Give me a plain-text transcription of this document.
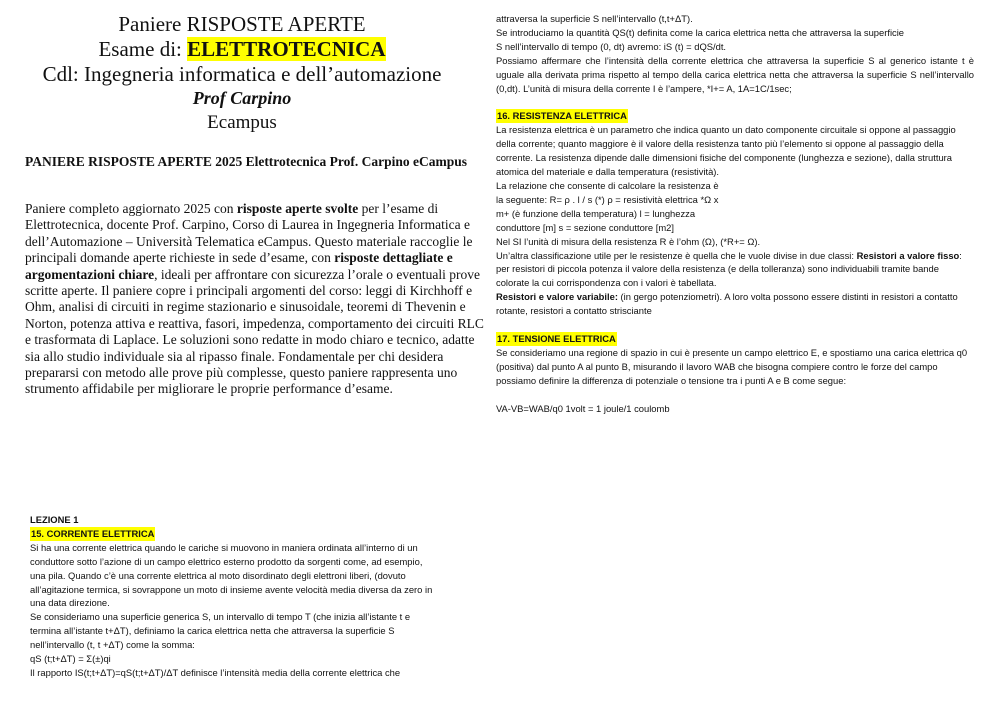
Paniere RISPOSTE APERTE
Esame di: ELETTROTECNICA
Cdl: Ingegneria informatica e dell’automazione
Prof Carpino
Ecampus
PANIERE RISPOSTE APERTE 2025 Elettrotecnica Prof. Carpino eCampus
Paniere completo aggiornato 2025 con risposte aperte svolte per l’esame di Elettrotecnica, docente Prof. Carpino, Corso di Laurea in Ingegneria Informatica e dell’Automazione – Università Telematica eCampus. Questo materiale raccoglie le principali domande aperte richieste in sede d’esame, con risposte dettagliate e argomentazioni chiare, ideali per affrontare con sicurezza l’orale o eventuali prove scritte aperte. Il paniere copre i principali argomenti del corso: leggi di Kirchhoff e Ohm, analisi di circuiti in regime stazionario e sinusoidale, teoremi di Thevenin e Norton, potenza attiva e reattiva, fasori, impedenza, comportamento dei circuiti RLC e trasformata di Laplace. Le soluzioni sono redatte in modo chiaro e tecnico, adatte sia allo studio individuale sia al ripasso finale. Fondamentale per chi desidera prepararsi con metodo alle prove più complesse, questo paniere rappresenta uno strumento affidabile per migliorare le proprie performance d’esame.

LEZIONE 1

15. CORRENTE ELETTRICA

Si ha una corrente elettrica quando le cariche si muovono in maniera ordinata all’interno di un

conduttore sotto l’azione di un campo elettrico esterno prodotto da sorgenti come, ad esempio,

una pila. Quando c’è una corrente elettrica al moto disordinato degli elettroni liberi, (dovuto

all’agitazione termica, si sovrappone un moto di insieme avente velocità media diversa da zero in

una data direzione.

Se consideriamo una superficie generica S, un intervallo di tempo T (che inizia all’istante t e

termina all’istante t+ΔT), definiamo la carica elettrica netta che attraversa la superficie S

nell’intervallo (t, t +ΔT) come la somma:

qS (t;t+ΔT) = Σ(±)qi

Il rapporto IS(t;t+ΔT)=qS(t;t+ΔT)/ΔT definisce l’intensità media della corrente elettrica che

attraversa la superficie S nell’intervallo (t,t+ΔT).

Se introduciamo la quantità QS(t) definita come la carica elettrica netta che attraversa la superficie

S nell’intervallo di tempo (0, dt) avremo: iS (t) = dQS/dt.

Possiamo affermare che l’intensità della corrente elettrica che attraversa la superficie S al generico istante t è uguale alla derivata prima rispetto al tempo della carica elettrica netta che attraversa la superficie S nell’intervallo (0,dt). L’unità di misura della corrente I è l’ampere, *I+= A, 1A=1C/1sec;

16. RESISTENZA ELETTRICA

La resistenza elettrica è un parametro che indica quanto un dato componente circuitale si oppone al passaggio della corrente; quanto maggiore è il valore della resistenza tanto più l’elemento si oppone al passaggio della corrente. La resistenza dipende dalle dimensioni fisiche del componente (lunghezza e sezione), dalla struttura atomica del materiale e dalla temperatura (resistività).

La relazione che consente di calcolare la resistenza è

la seguente: R= ρ . l / s (*) ρ = resistività elettrica *Ω x

m+ (è funzione della temperatura) l = lunghezza

conduttore [m] s = sezione conduttore [m2]

Nel SI l’unità di misura della resistenza R è l’ohm (Ω), (*R+= Ω).

Un’altra classificazione utile per le resistenze è quella che le vuole divise in due classi: Resistori a valore fisso: per resistori di piccola potenza il valore della resistenza (e della tolleranza) sono individuabili tramite bande colorate la cui corrispondenza con i valori è tabellata.

Resistori e valore variabile: (in gergo potenziometri). A loro volta possono essere distinti in resistori a contatto rotante, resistori a contatto strisciante

17. TENSIONE ELETTRICA

Se consideriamo una regione di spazio in cui è presente un campo elettrico E, e spostiamo una carica elettrica q0 (positiva) dal punto A al punto B, misurando il lavoro WAB che bisogna compiere contro le forze del campo possiamo definire la differenza di potenziale o tensione tra i punti A e B come segue:

VA-VB=WAB/q0 1volt = 1 joule/1 coulomb
